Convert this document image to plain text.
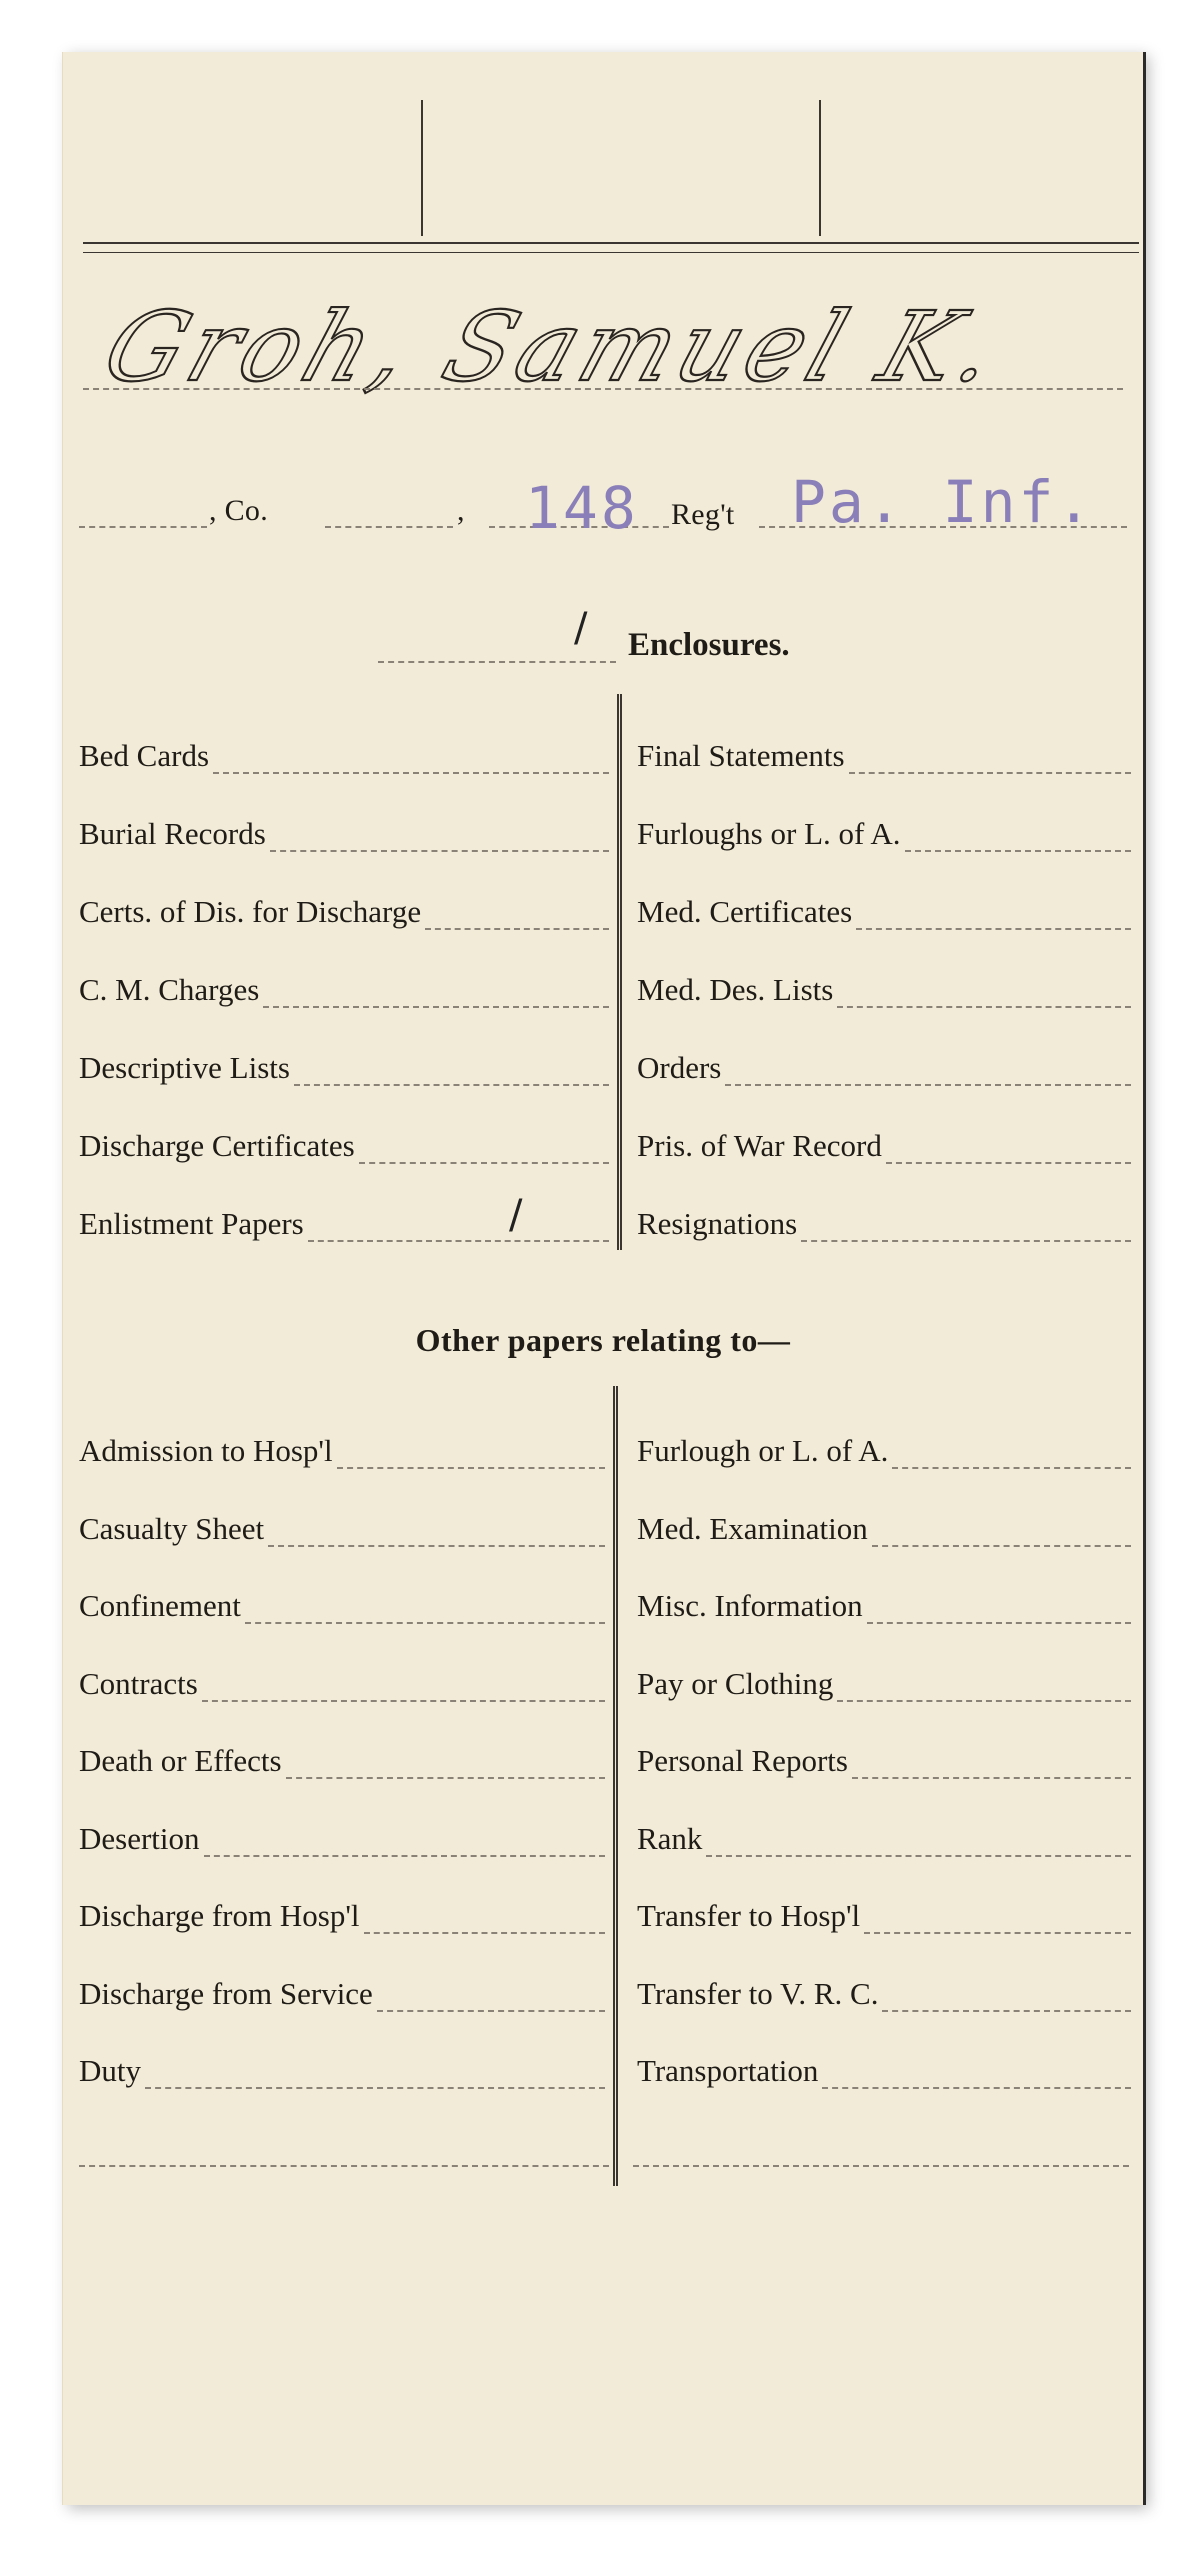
Groh, Samuel K.
, Co.	, 148 Reg't Pa. Inf.
/ Enclosures.
Other papers relating to—
Bed Cards
Burial Records
Certs. of Dis. for Discharge
C. M. Charges
Descriptive Lists
Discharge Certificates
Enlistment Papers	/
Final Statements
Furloughs or L. of A.
Med. Certificates
Med. Des. Lists
Orders
Pris. of War Record
Resignations
Admission to Hosp'l
Casualty Sheet
Confinement
Contracts
Death or Effects
Desertion
Discharge from Hosp'l
Discharge from Service
Duty
Furlough or L. of A.
Med. Examination
Misc. Information
Pay or Clothing
Personal Reports
Rank
Transfer to Hosp'l
Transfer to V. R. C.
Transportation
